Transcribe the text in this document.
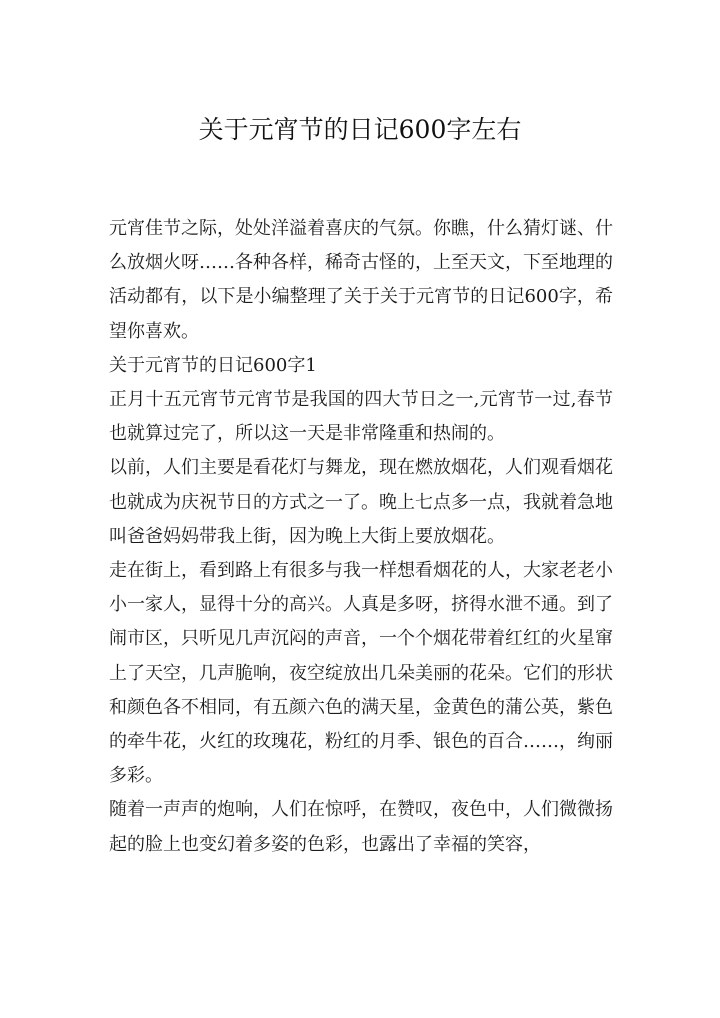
关于元宵节的日记600字左右

元宵佳节之际，处处洋溢着喜庆的气氛。你瞧，什么猜灯谜、什么放烟火呀……各种各样，稀奇古怪的，上至天文，下至地理的活动都有，以下是小编整理了关于关于元宵节的日记600字，希望你喜欢。

关于元宵节的日记600字1

正月十五元宵节元宵节是我国的四大节日之一,元宵节一过,春节也就算过完了，所以这一天是非常隆重和热闹的。

以前，人们主要是看花灯与舞龙，现在燃放烟花，人们观看烟花也就成为庆祝节日的方式之一了。晚上七点多一点，我就着急地叫爸爸妈妈带我上街，因为晚上大街上要放烟花。

走在街上，看到路上有很多与我一样想看烟花的人，大家老老小小一家人，显得十分的高兴。人真是多呀，挤得水泄不通。到了闹市区，只听见几声沉闷的声音，一个个烟花带着红红的火星窜上了天空，几声脆响，夜空绽放出几朵美丽的花朵。它们的形状和颜色各不相同，有五颜六色的满天星，金黄色的蒲公英，紫色的牵牛花，火红的玫瑰花，粉红的月季、银色的百合……，绚丽多彩。

随着一声声的炮响，人们在惊呼，在赞叹，夜色中，人们微微扬起的脸上也变幻着多姿的色彩，也露出了幸福的笑容，
